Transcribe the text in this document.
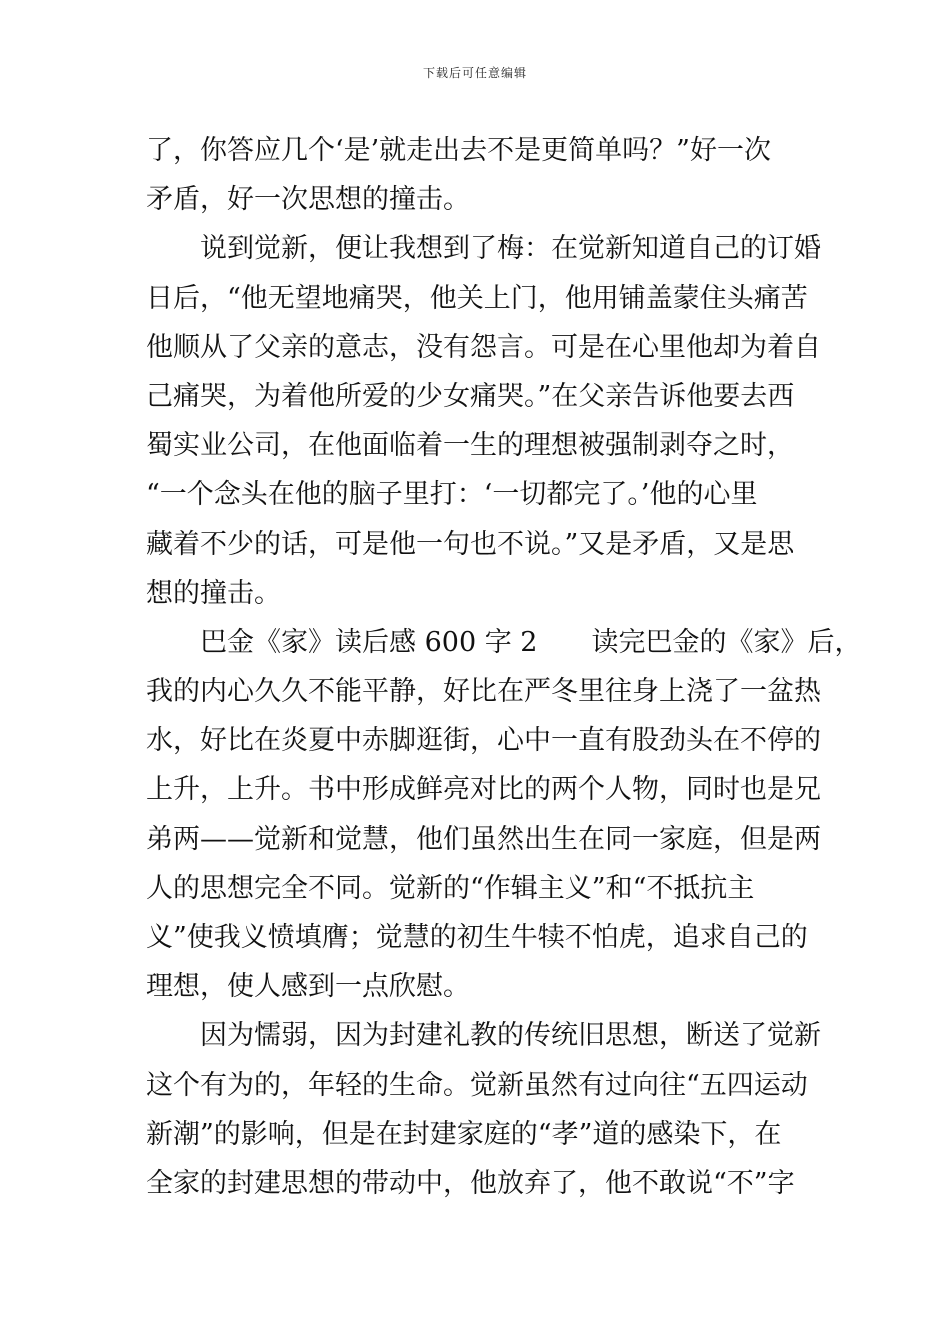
下载后可任意编辑
了，你答应几个‘是’就走出去不是更简单吗？”好一次
矛盾，好一次思想的撞击。
　　说到觉新，便让我想到了梅：在觉新知道自己的订婚
日后，“他无望地痛哭，他关上门，他用铺盖蒙住头痛苦
他顺从了父亲的意志，没有怨言。可是在心里他却为着自
己痛哭，为着他所爱的少女痛哭。”在父亲告诉他要去西
蜀实业公司，在他面临着一生的理想被强制剥夺之时，
“一个念头在他的脑子里打：‘一切都完了。’他的心里
藏着不少的话，可是他一句也不说。”又是矛盾，又是思
想的撞击。
　　巴金《家》读后感 600 字 2　　读完巴金的《家》后，
我的内心久久不能平静，好比在严冬里往身上浇了一盆热
水，好比在炎夏中赤脚逛街，心中一直有股劲头在不停的
上升，上升。书中形成鲜亮对比的两个人物，同时也是兄
弟两——觉新和觉慧，他们虽然出生在同一家庭，但是两
人的思想完全不同。觉新的“作辑主义”和“不抵抗主
义”使我义愤填膺；觉慧的初生牛犊不怕虎，追求自己的
理想，使人感到一点欣慰。
　　因为懦弱，因为封建礼教的传统旧思想，断送了觉新
这个有为的，年轻的生命。觉新虽然有过向往“五四运动
新潮”的影响，但是在封建家庭的“孝”道的感染下，在
全家的封建思想的带动中，他放弃了，他不敢说“不”字
